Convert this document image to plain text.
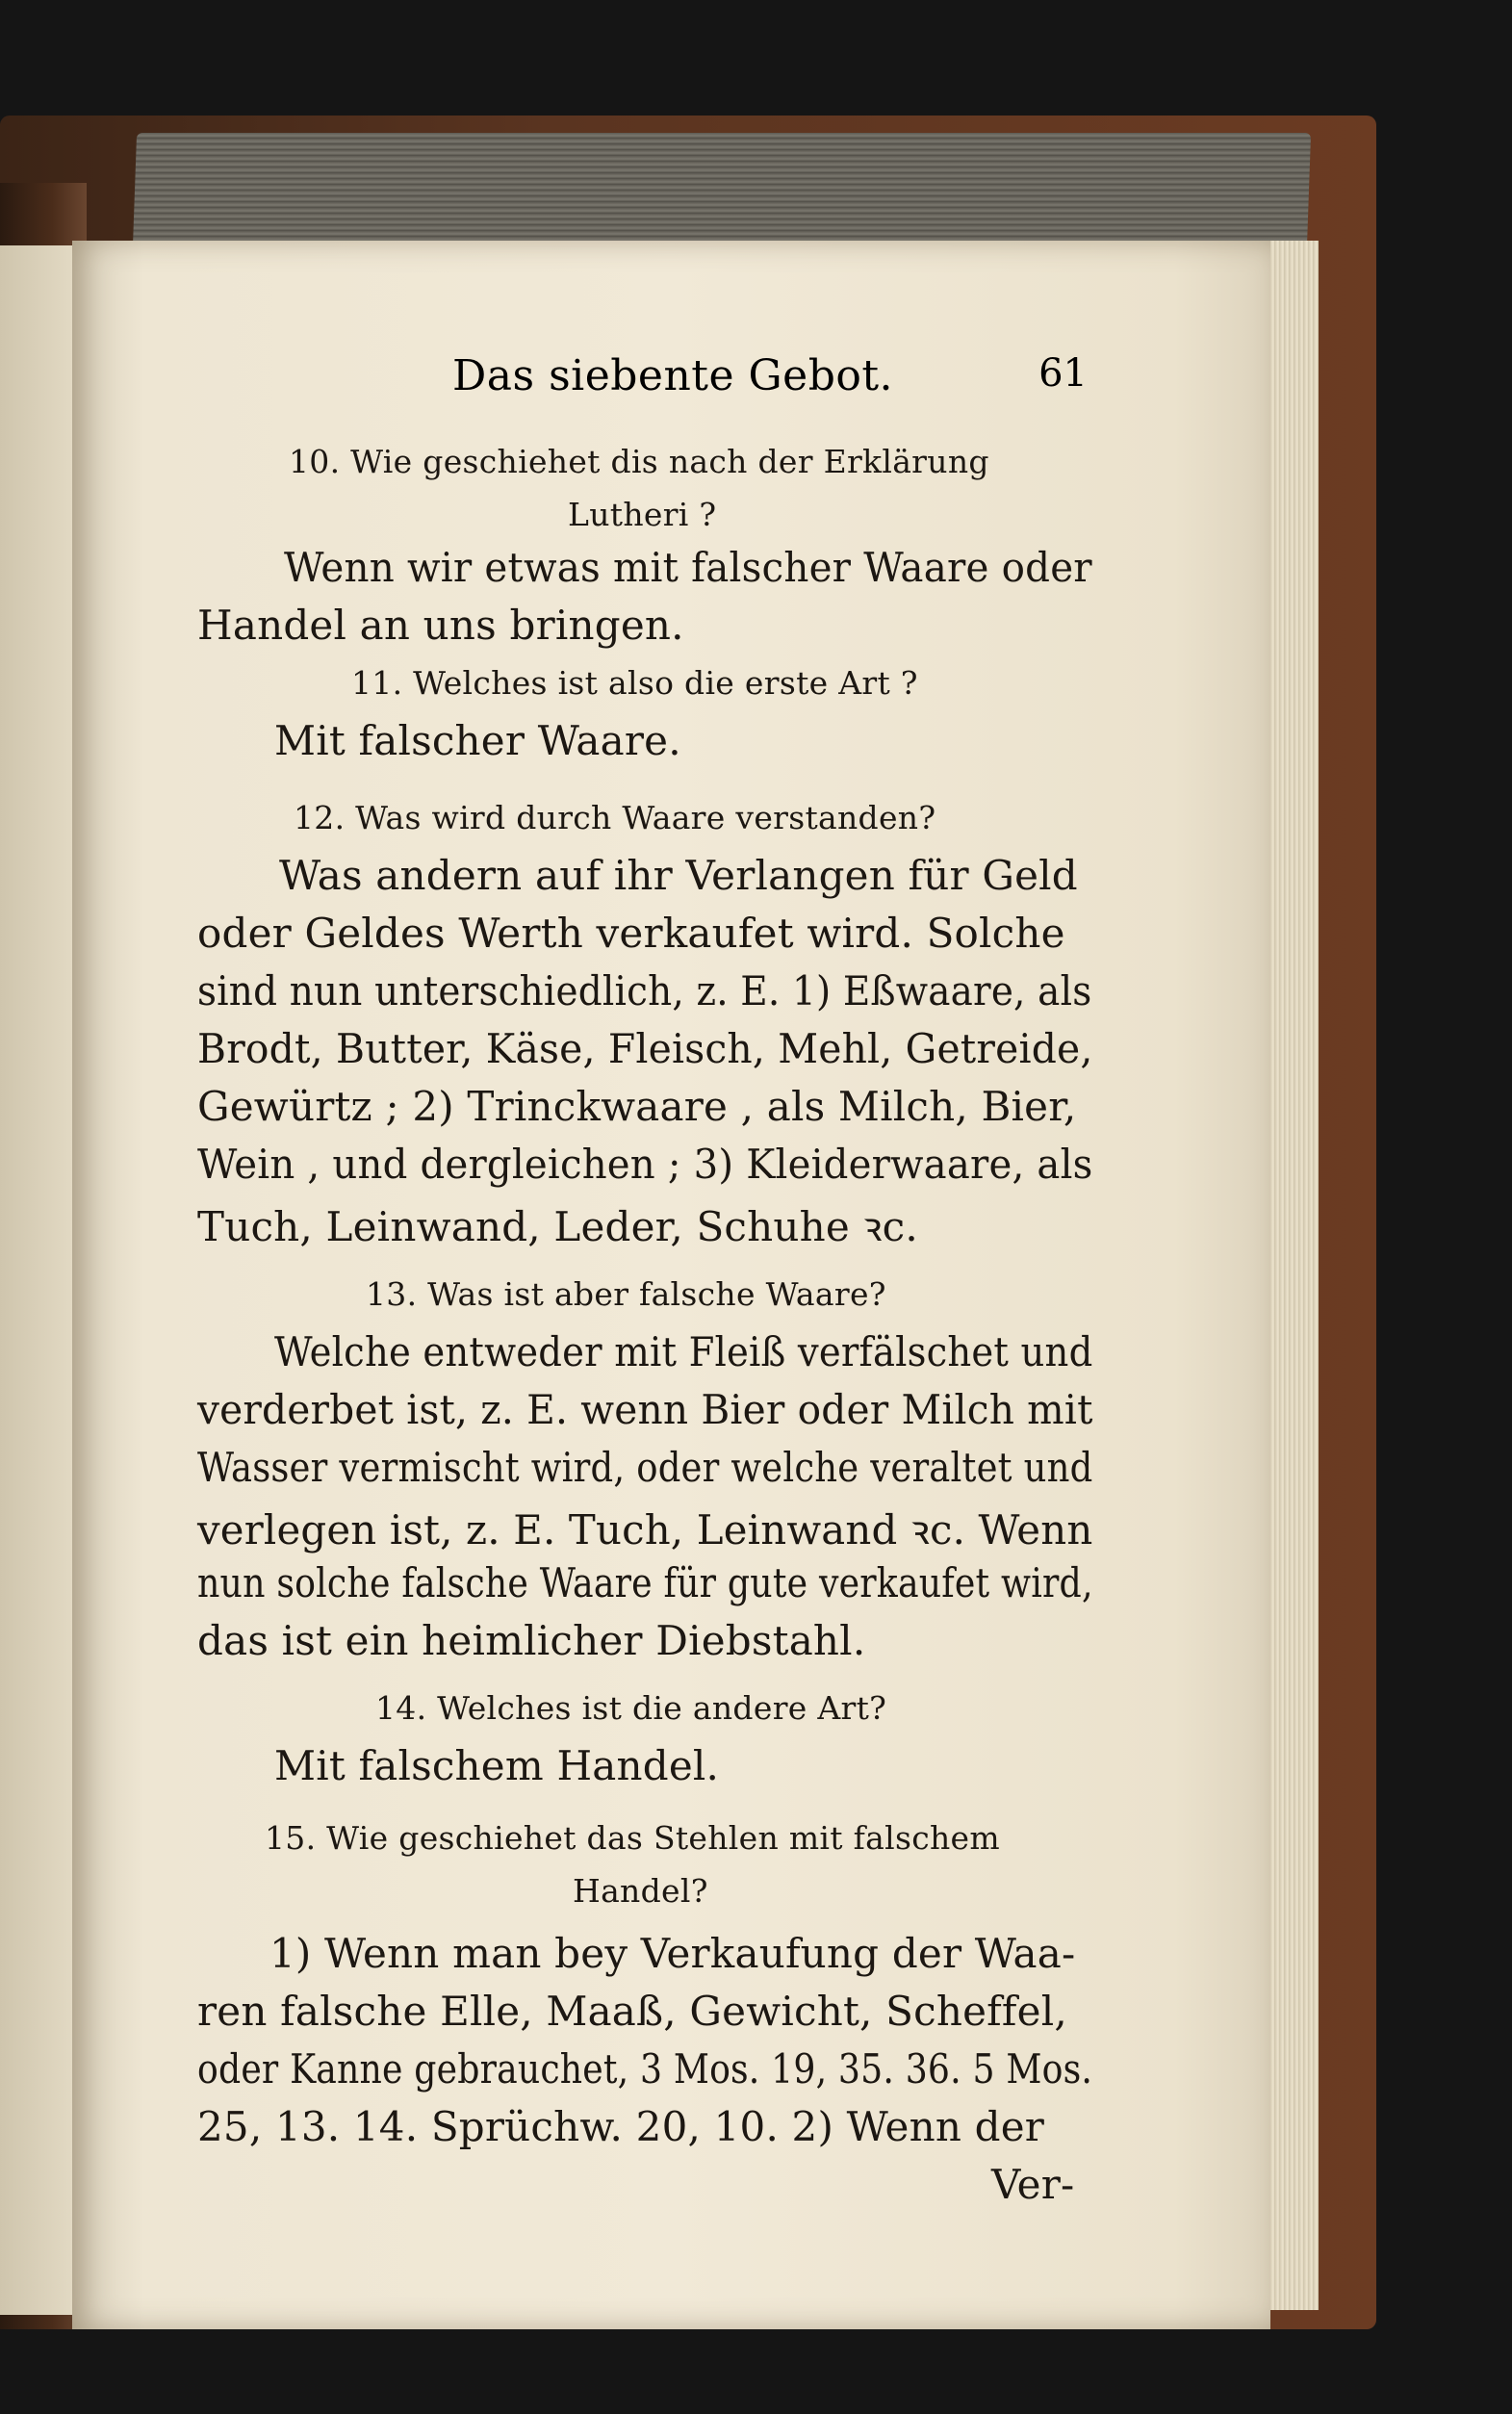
Das siebente Gebot.	61
10. Wie geschiehet dis nach der Erklärung
Lutheri ?
Wenn wir etwas mit falscher Waare oder
Handel an uns bringen.
11. Welches ist also die erste Art ?
Mit falscher Waare.
12. Was wird durch Waare verstanden?
Was andern auf ihr Verlangen für Geld
oder Geldes Werth verkaufet wird. Solche
sind nun unterschiedlich, z. E. 1) Eßwaare, als
Brodt, Butter, Käse, Fleisch, Mehl, Getreide,
Gewürtz ; 2) Trinckwaare , als Milch, Bier,
Wein , und dergleichen ; 3) Kleiderwaare, als
Tuch, Leinwand, Leder, Schuhe ꝛc.
13. Was ist aber falsche Waare?
Welche entweder mit Fleiß verfälschet und
verderbet ist, z. E. wenn Bier oder Milch mit
Wasser vermischt wird, oder welche veraltet und
verlegen ist, z. E. Tuch, Leinwand ꝛc. Wenn
nun solche falsche Waare für gute verkaufet wird,
das ist ein heimlicher Diebstahl.
14. Welches ist die andere Art?
Mit falschem Handel.
15. Wie geschiehet das Stehlen mit falschem
Handel?
1) Wenn man bey Verkaufung der Waa-
ren falsche Elle, Maaß, Gewicht, Scheffel,
oder Kanne gebrauchet, 3 Mos. 19, 35. 36. 5 Mos.
25, 13. 14. Sprüchw. 20, 10. 2) Wenn der
Ver-
